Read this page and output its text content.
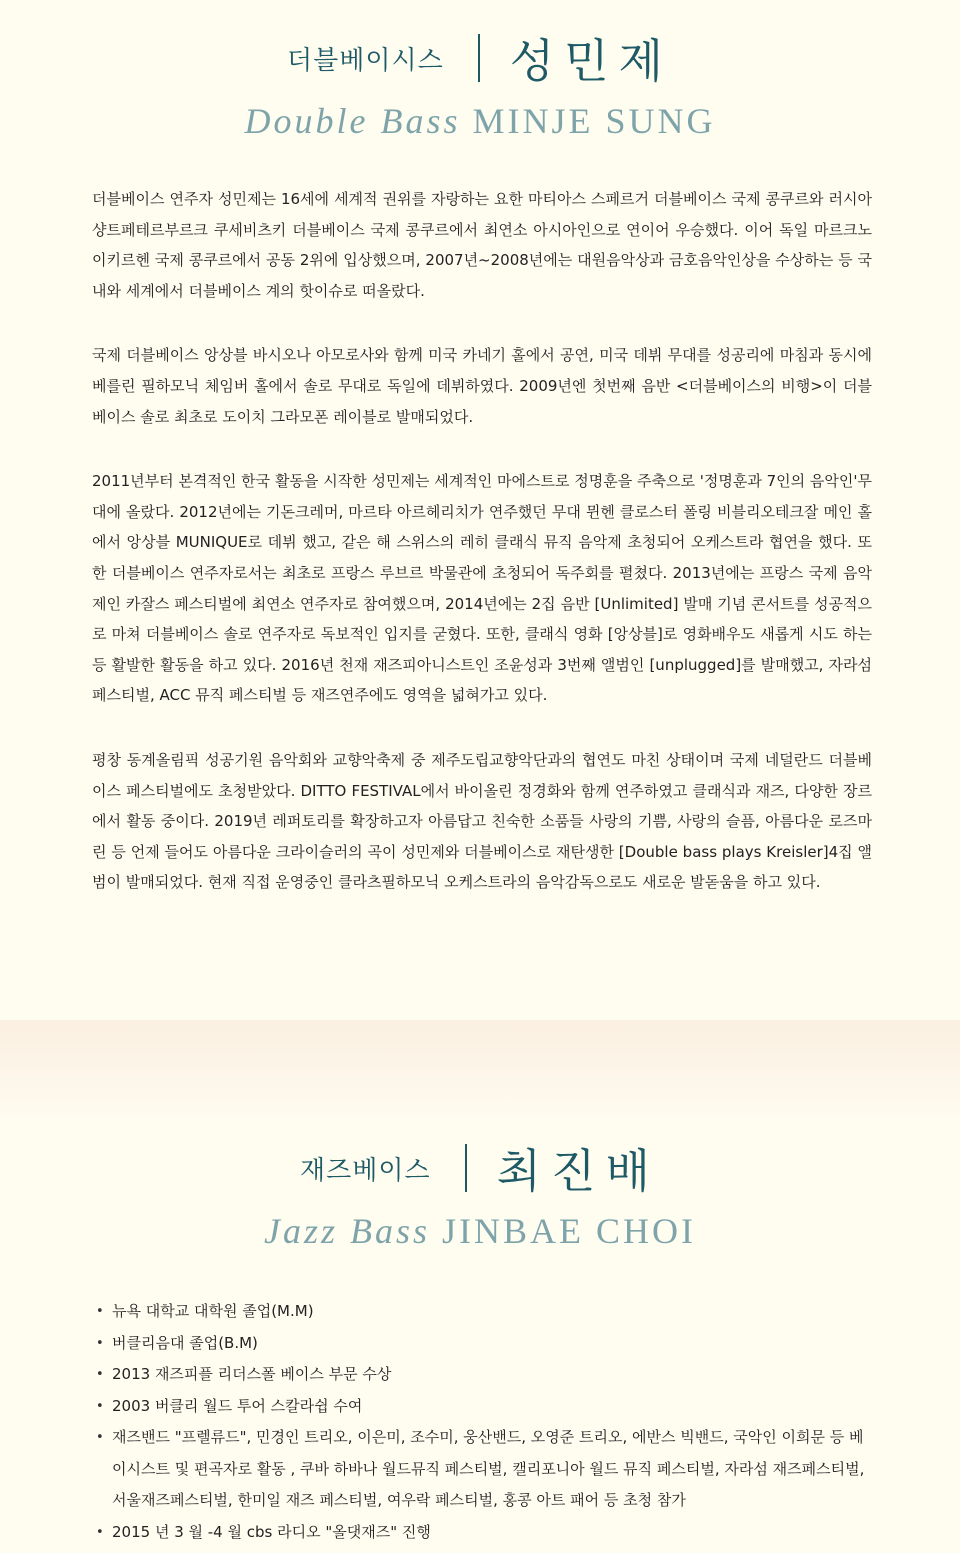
더블베이시스 성민제
Double Bass MINJE SUNG

더블베이스 연주자 성민제는 16세에 세계적 권위를 자랑하는 요한 마티아스 스페르거 더블베이스 국제 콩쿠르와 러시아 샹트페테르부르크 쿠세비츠키 더블베이스 국제 콩쿠르에서 최연소 아시아인으로 연이어 우승했다. 이어 독일 마르크노이키르헨 국제 콩쿠르에서 공동 2위에 입상했으며, 2007년~2008년에는 대원음악상과 금호음악인상을 수상하는 등 국내와 세계에서 더블베이스 계의 핫이슈로 떠올랐다.

국제 더블베이스 앙상블 바시오나 아모로사와 함께 미국 카네기 홀에서 공연, 미국 데뷔 무대를 성공리에 마침과 동시에 베를린 필하모닉 체임버 홀에서 솔로 무대로 독일에 데뷔하였다. 2009년엔 첫번째 음반 <더블베이스의 비행>이 더블베이스 솔로 최초로 도이치 그라모폰 레이블로 발매되었다.

2011년부터 본격적인 한국 활동을 시작한 성민제는 세계적인 마에스트로 정명훈을 주축으로 '정명훈과 7인의 음악인'무대에 올랐다. 2012년에는 기돈크레머, 마르타 아르헤리치가 연주했던 무대 뮌헨 클로스터 폴링 비블리오테크잘 메인 홀에서 앙상블 MUNIQUE로 데뷔 했고, 같은 해 스위스의 레히 클래식 뮤직 음악제 초청되어 오케스트라 협연을 했다. 또한 더블베이스 연주자로서는 최초로 프랑스 루브르 박물관에 초청되어 독주회를 펼쳤다. 2013년에는 프랑스 국제 음악제인 카잘스 페스티벌에 최연소 연주자로 참여했으며, 2014년에는 2집 음반 [Unlimited] 발매 기념 콘서트를 성공적으로 마쳐 더블베이스 솔로 연주자로 독보적인 입지를 굳혔다. 또한, 클래식 영화 [앙상블]로 영화배우도 새롭게 시도 하는 등 활발한 활동을 하고 있다. 2016년 천재 재즈피아니스트인 조윤성과 3번째 앨범인 [unplugged]를 발매했고, 자라섬 페스티벌, ACC 뮤직 페스티벌 등 재즈연주에도 영역을 넓혀가고 있다.

평창 동계올림픽 성공기원 음악회와 교향악축제 중 제주도립교향악단과의 협연도 마친 상태이며 국제 네덜란드 더블베이스 페스티벌에도 초청받았다. DITTO FESTIVAL에서 바이올린 정경화와 함께 연주하였고 클래식과 재즈, 다양한 장르에서 활동 중이다. 2019년 레퍼토리를 확장하고자 아름답고 친숙한 소품들 사랑의 기쁨, 사랑의 슬픔, 아름다운 로즈마린 등 언제 들어도 아름다운 크라이슬러의 곡이 성민제와 더블베이스로 재탄생한 [Double bass plays Kreisler]4집 앨범이 발매되었다. 현재 직접 운영중인 클라츠필하모닉 오케스트라의 음악감독으로도 새로운 발돋움을 하고 있다.

재즈베이스 최진배
Jazz Bass JINBAE CHOI
• 뉴욕 대학교 대학원 졸업(M.M)
• 버클리음대 졸업(B.M)
• 2013 재즈피플 리더스폴 베이스 부문 수상
• 2003 버클리 월드 투어 스칼라쉽 수여
• 재즈밴드 "프렐류드", 민경인 트리오, 이은미, 조수미, 웅산밴드, 오영준 트리오, 에반스 빅밴드, 국악인 이희문 등 베이시스트 및 편곡자로 활동 , 쿠바 하바나 월드뮤직 페스티벌, 캘리포니아 월드 뮤직 페스티벌, 자라섬 재즈페스티벌, 서울재즈페스티벌, 한미일 재즈 페스티벌, 여우락 페스티벌, 홍콩 아트 패어 등 초청 참가
• 2015 년 3 월 -4 월 cbs 라디오 "올댓재즈" 진행
